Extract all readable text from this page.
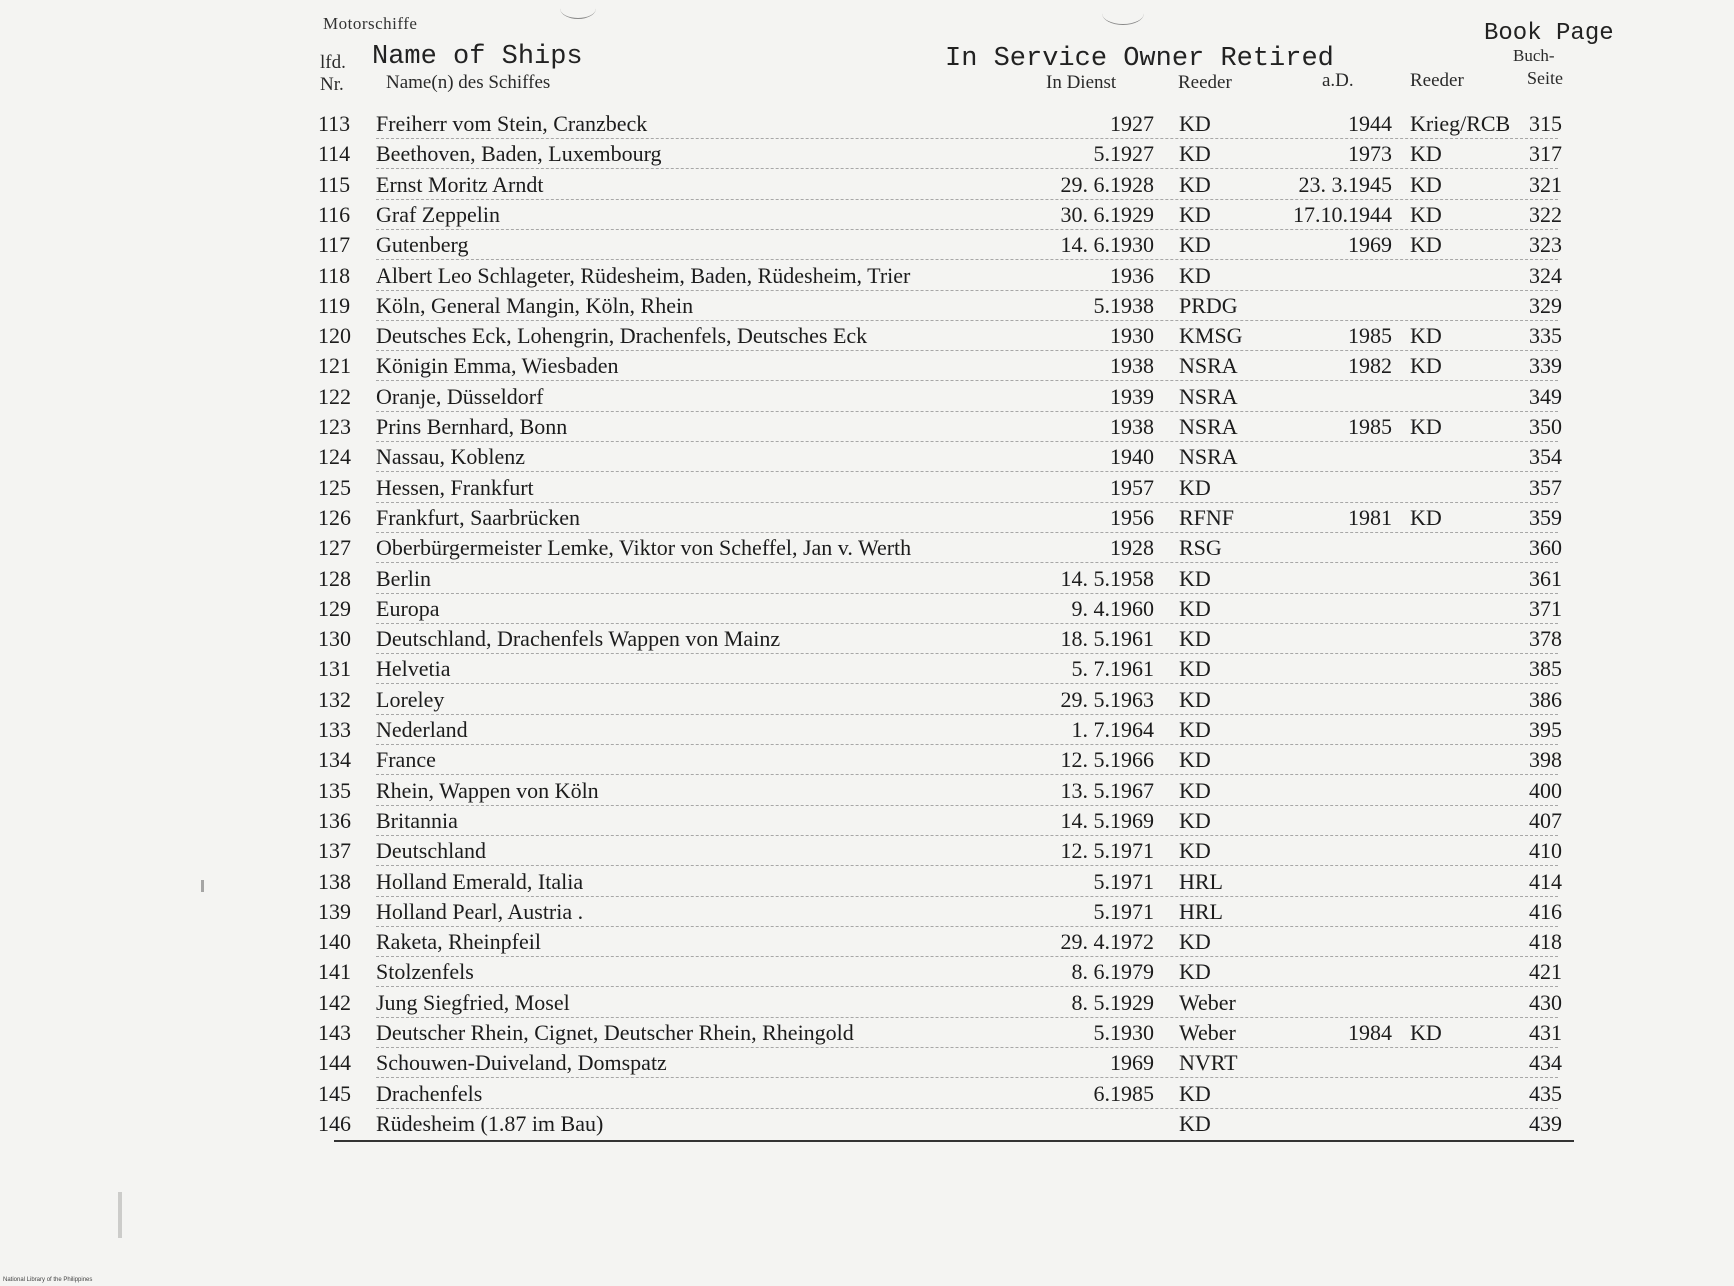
Motorschiffe
lfd.
Nr.
Name of Ships
Name(n) des Schiffes
In Service Owner Retired
In Dienst	Reeder	a.D.	Reeder
Book Page
Buch-
Seite
113 Freiherr vom Stein, Cranzbeck	1927 KD	1944 Krieg/RCB 315
114 Beethoven, Baden, Luxembourg	5.1927 KD	1973 KD	317
115 Ernst Moritz Arndt	29. 6.1928 KD	23. 3.1945 KD	321
116 Graf Zeppelin	30. 6.1929 KD	17.10.1944 KD	322
117 Gutenberg	14. 6.1930 KD	1969 KD	323
118 Albert Leo Schlageter, Rüdesheim, Baden, Rüdesheim, Trier	1936 KD	324
119 Köln, General Mangin, Köln, Rhein	5.1938 PRDG	329
120 Deutsches Eck, Lohengrin, Drachenfels, Deutsches Eck	1930 KMSG	1985 KD	335
121 Königin Emma, Wiesbaden	1938 NSRA	1982 KD	339
122 Oranje, Düsseldorf	1939 NSRA	349
123 Prins Bernhard, Bonn	1938 NSRA	1985 KD	350
124 Nassau, Koblenz	1940 NSRA	354
125 Hessen, Frankfurt	1957 KD	357
126 Frankfurt, Saarbrücken	1956 RFNF	1981 KD	359
127 Oberbürgermeister Lemke, Viktor von Scheffel, Jan v. Werth	1928 RSG	360
128 Berlin	14. 5.1958 KD	361
129 Europa	9. 4.1960 KD	371
130 Deutschland, Drachenfels Wappen von Mainz	18. 5.1961 KD	378
131 Helvetia	5. 7.1961 KD	385
132 Loreley	29. 5.1963 KD	386
133 Nederland	1. 7.1964 KD	395
134 France	12. 5.1966 KD	398
135 Rhein, Wappen von Köln	13. 5.1967 KD	400
136 Britannia	14. 5.1969 KD	407
137 Deutschland	12. 5.1971 KD	410
138 Holland Emerald, Italia	5.1971 HRL	414
139 Holland Pearl, Austria .	5.1971 HRL	416
140 Raketa, Rheinpfeil	29. 4.1972 KD	418
141 Stolzenfels	8. 6.1979 KD	421
142 Jung Siegfried, Mosel	8. 5.1929 Weber	430
143 Deutscher Rhein, Cignet, Deutscher Rhein, Rheingold	5.1930 Weber	1984 KD	431
144 Schouwen-Duiveland, Domspatz	1969 NVRT	434
145 Drachenfels	6.1985 KD	435
146 Rüdesheim (1.87 im Bau)	KD	439
National Library of the Philippines
